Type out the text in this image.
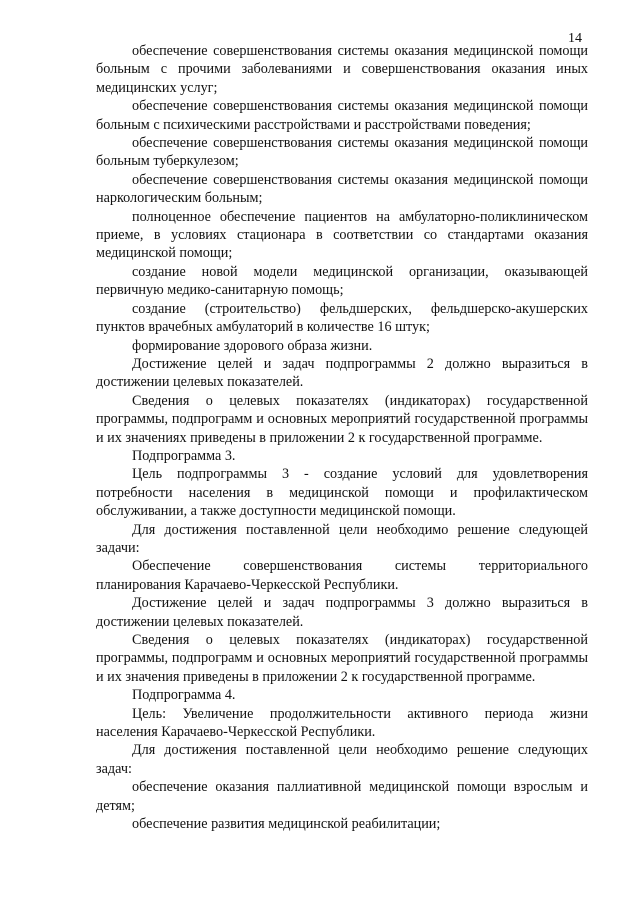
14

обеспечение совершенствования системы оказания медицинской помощи больным с прочими заболеваниями и совершенствования оказания иных медицинских услуг;

обеспечение совершенствования системы оказания медицинской помощи больным с психическими расстройствами и расстройствами поведения;

обеспечение совершенствования системы оказания медицинской помощи больным туберкулезом;

обеспечение совершенствования системы оказания медицинской помощи наркологическим больным;

полноценное обеспечение пациентов на амбулаторно-поликлиническом приеме, в условиях стационара в соответствии со стандартами оказания медицинской помощи;

создание новой модели медицинской организации, оказывающей первичную медико-санитарную помощь;

создание (строительство) фельдшерских, фельдшерско-акушерских пунктов врачебных амбулаторий в количестве 16 штук;

формирование здорового образа жизни.

Достижение целей и задач подпрограммы 2 должно выразиться в достижении целевых показателей.

Сведения о целевых показателях (индикаторах) государственной программы, подпрограмм и основных мероприятий государственной программы и их значениях приведены в приложении 2 к государственной программе.

Подпрограмма 3.

Цель подпрограммы 3 - создание условий для удовлетворения потребности населения в медицинской помощи и профилактическом обслуживании, а также доступности медицинской помощи.

Для достижения поставленной цели необходимо решение следующей задачи:

Обеспечение совершенствования системы территориального планирования Карачаево-Черкесской Республики.

Достижение целей и задач подпрограммы 3 должно выразиться в достижении целевых показателей.

Сведения о целевых показателях (индикаторах) государственной программы, подпрограмм и основных мероприятий государственной программы и их значения приведены в приложении 2 к государственной программе.

Подпрограмма 4.

Цель: Увеличение продолжительности активного периода жизни населения Карачаево-Черкесской Республики.

Для достижения поставленной цели необходимо решение следующих задач:

обеспечение оказания паллиативной медицинской помощи взрослым и детям;

обеспечение развития медицинской реабилитации;
